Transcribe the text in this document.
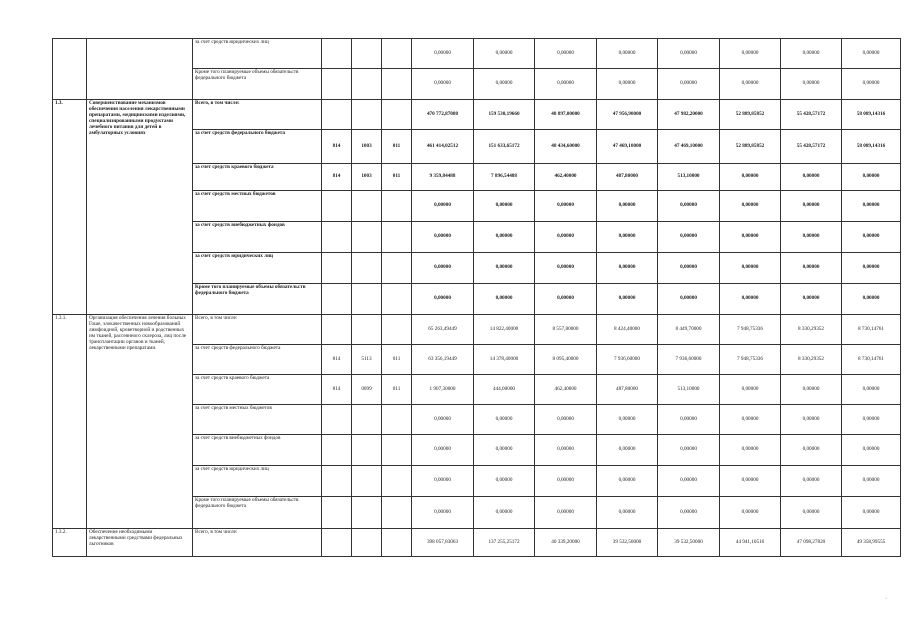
		за счет средств юридических лиц				0,00000	0,00000	0,00000	0,00000	0,00000	0,00000	0,00000	0,00000
		Кроме того планируемые объемы обязательств федерального бюджета				0,00000	0,00000	0,00000	0,00000	0,00000	0,00000	0,00000	0,00000
1.3.	Совершенствование механизмов обеспечения населения лекарственными препаратами, медицинскими изделиями, специализированными продуктами лечебного питания для детей в амбулаторных условиях	Всего, в том числе:				470 772,87080	159 530,19660	48 897,00000	47 956,90000	47 982,20000	52 889,85852	55 428,57172	58 089,14316
		за счет средств федерального бюджета	814	1003	011	461 414,02512	151 633,65172	48 434,60000	47 469,10000	47 469,10000	52 889,85852	55 428,57172	58 089,14316
		за счет средств краевого бюджета	814	1003	011	9 359,84488	7 896,54488	462,40000	487,80000	513,10000	0,00000	0,00000	0,00000
		за счет средств местных бюджетов				0,00000	0,00000	0,00000	0,00000	0,00000	0,00000	0,00000	0,00000
		за счет средств внебюджетных фондов				0,00000	0,00000	0,00000	0,00000	0,00000	0,00000	0,00000	0,00000
		за счет средств юридических лиц				0,00000	0,00000	0,00000	0,00000	0,00000	0,00000	0,00000	0,00000
		Кроме того планируемые объемы обязательств федерального бюджета				0,00000	0,00000	0,00000	0,00000	0,00000	0,00000	0,00000	0,00000
1.3.1.	Организация обеспечения лечения больных Гоше, злокачественных новообразований лимфоидной, кроветворной и родственных им тканей, рассеянного склероза, лиц после трансплантации органов и тканей, лекарственными препаратами.	Всего, в том числе:				65 263,49449	14 822,40000	8 557,80000	8 424,40000	8 449,70000	7 948,75336	8 330,29352	8 730,14761
		за счет средств федерального бюджета	814	5113	011	63 356,19449	14 378,40000	8 095,40000	7 936,60000	7 936,60000	7 948,75336	8 330,29352	8 730,14761
		за счет средств краевого бюджета	814	0099	011	1 907,30000	444,00000	462,40000	487,80000	513,10000	0,00000	0,00000	0,00000
		за счет средств местных бюджетов				0,00000	0,00000	0,00000	0,00000	0,00000	0,00000	0,00000	0,00000
		за счет средств внебюджетных фондов				0,00000	0,00000	0,00000	0,00000	0,00000	0,00000	0,00000	0,00000
		за счет средств юридических лиц				0,00000	0,00000	0,00000	0,00000	0,00000	0,00000	0,00000	0,00000
		Кроме того планируемые объемы обязательств федерального бюджета				0,00000	0,00000	0,00000	0,00000	0,00000	0,00000	0,00000	0,00000
1.3.2.	Обеспечение необходимыми лекарственными средствами федеральных льготников	Всего, в том числе:				398 057,83063	137 255,25172	40 339,20000	39 532,50000	39 532,50000	44 941,10516	47 098,27820	49 358,99555
·
